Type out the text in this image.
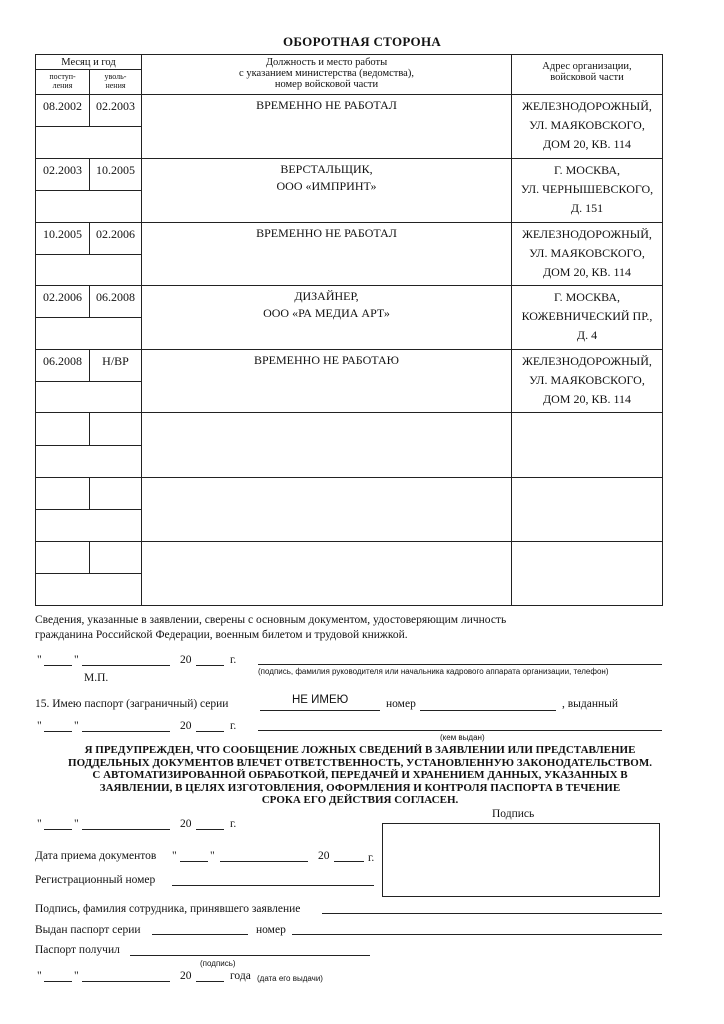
ОБОРОТНАЯ СТОРОНА
Месяц и год		Должность и место работы
с указанием министерства (ведомства),
номер войсковой части	Адрес организации,
войсковой части
поступ-
ления	уволь-
нения		
08.2002	02.2003	ВРЕМЕННО НЕ РАБОТАЛ	ЖЕЛЕЗНОДОРОЖНЫЙ,
УЛ. МАЯКОВСКОГО,
ДОМ 20, КВ. 114

02.2003	10.2005	ВЕРСТАЛЬЩИК,
ООО «ИМПРИНТ»	Г. МОСКВА,
УЛ. ЧЕРНЫШЕВСКОГО,
Д. 151

10.2005	02.2006	ВРЕМЕННО НЕ РАБОТАЛ	ЖЕЛЕЗНОДОРОЖНЫЙ,
УЛ. МАЯКОВСКОГО,
ДОМ 20, КВ. 114

02.2006	06.2008	ДИЗАЙНЕР,
ООО «РА МЕДИА АРТ»	Г. МОСКВА,
КОЖЕВНИЧЕСКИЙ ПР.,
Д. 4

06.2008	Н/ВР	ВРЕМЕННО НЕ РАБОТАЮ	ЖЕЛЕЗНОДОРОЖНЫЙ,
УЛ. МАЯКОВСКОГО,
ДОМ 20, КВ. 114

Сведения, указанные в заявлении, сверены с основным документом, удостоверяющим личность
гражданина Российской Федерации, военным билетом и трудовой книжкой.
"	"	20	г.
(подпись, фамилия руководителя или начальника кадрового аппарата организации, телефон)
М.П.
15. Имею паспорт (заграничный) серии	НЕ ИМЕЮ	номер	, выданный
"	"	20	г.
(кем выдан)
Я ПРЕДУПРЕЖДЕН, ЧТО СООБЩЕНИЕ ЛОЖНЫХ СВЕДЕНИЙ В ЗАЯВЛЕНИИ ИЛИ ПРЕДСТАВЛЕНИЕ
ПОДДЕЛЬНЫХ ДОКУМЕНТОВ ВЛЕЧЕТ ОТВЕТСТВЕННОСТЬ, УСТАНОВЛЕННУЮ ЗАКОНОДАТЕЛЬСТВОМ.
С АВТОМАТИЗИРОВАННОЙ ОБРАБОТКОЙ, ПЕРЕДАЧЕЙ И ХРАНЕНИЕМ ДАННЫХ, УКАЗАННЫХ В
ЗАЯВЛЕНИИ, В ЦЕЛЯХ ИЗГОТОВЛЕНИЯ, ОФОРМЛЕНИЯ И КОНТРОЛЯ ПАСПОРТА В ТЕЧЕНИЕ
СРОКА ЕГО ДЕЙСТВИЯ СОГЛАСЕН.
Подпись
"	"	20	г.
Дата приема документов "	"	20	г.
Регистрационный номер
Подпись, фамилия сотрудника, принявшего заявление
Выдан паспорт серии	номер
Паспорт получил
(подпись)
"	"	20	года (дата его выдачи)
